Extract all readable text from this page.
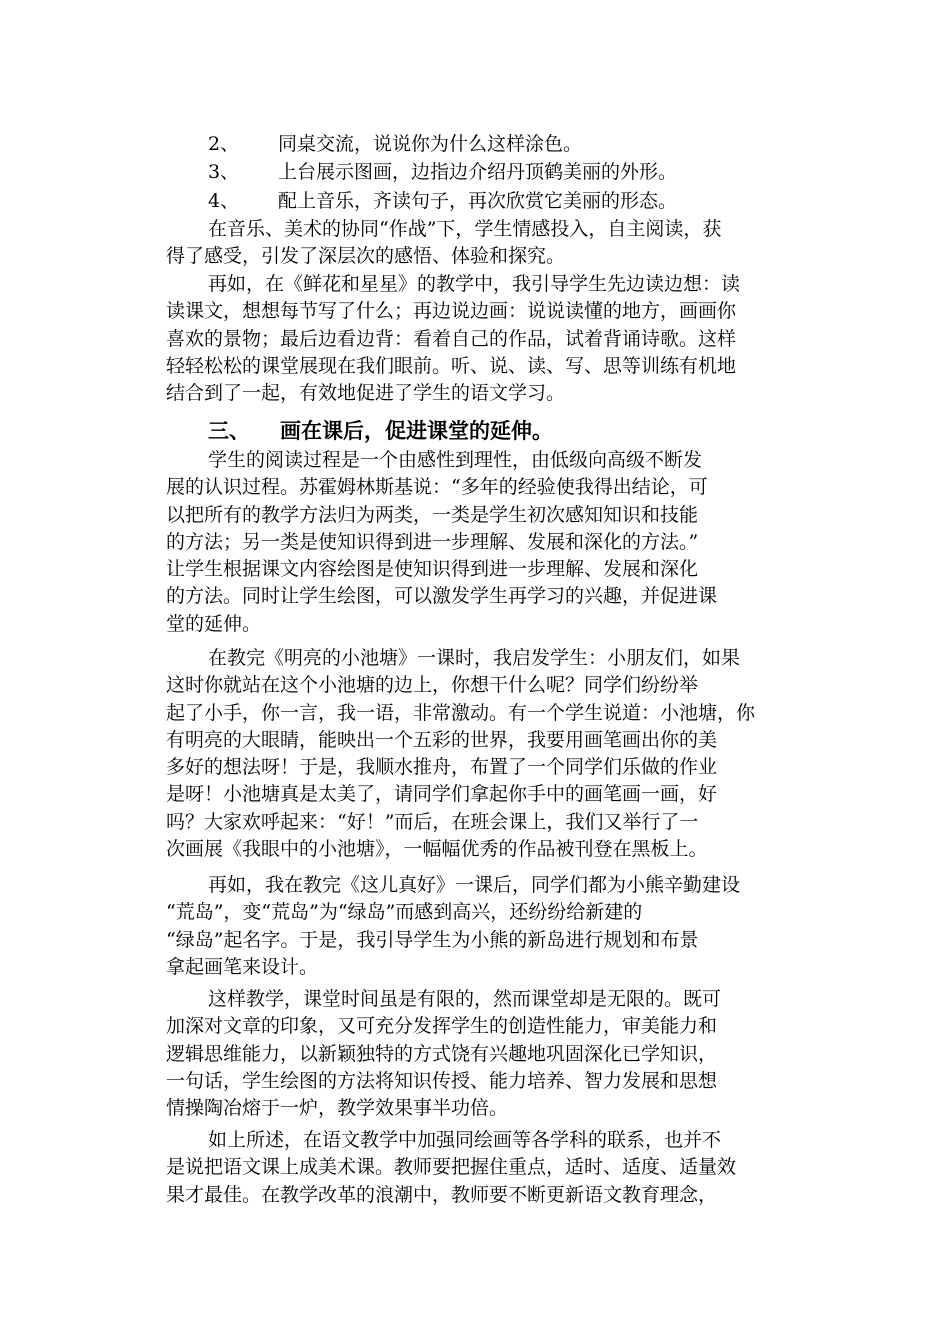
2、 同桌交流，说说你为什么这样涂色。
3、 上台展示图画，边指边介绍丹顶鹤美丽的外形。
4、 配上音乐，齐读句子，再次欣赏它美丽的形态。
在音乐、美术的协同“作战”下，学生情感投入，自主阅读，获
得了感受，引发了深层次的感悟、体验和探究。
再如，在《鲜花和星星》的教学中，我引导学生先边读边想：读
读课文，想想每节写了什么；再边说边画：说说读懂的地方，画画你
喜欢的景物；最后边看边背：看着自己的作品，试着背诵诗歌。这样
轻轻松松的课堂展现在我们眼前。听、说、读、写、思等训练有机地
结合到了一起，有效地促进了学生的语文学习。
三、 画在课后，促进课堂的延伸。
学生的阅读过程是一个由感性到理性，由低级向高级不断发
展的认识过程。苏霍姆林斯基说：“多年的经验使我得出结论，可
以把所有的教学方法归为两类，一类是学生初次感知知识和技能
的方法；另一类是使知识得到进一步理解、发展和深化的方法。”
让学生根据课文内容绘图是使知识得到进一步理解、发展和深化
的方法。同时让学生绘图，可以激发学生再学习的兴趣，并促进课
堂的延伸。
在教完《明亮的小池塘》一课时，我启发学生：小朋友们，如果
这时你就站在这个小池塘的边上，你想干什么呢？同学们纷纷举
起了小手，你一言，我一语，非常激动。有一个学生说道：小池塘，你
有明亮的大眼睛，能映出一个五彩的世界，我要用画笔画出你的美
多好的想法呀！于是，我顺水推舟，布置了一个同学们乐做的作业
是呀！小池塘真是太美了，请同学们拿起你手中的画笔画一画，好
吗？大家欢呼起来：“好！”而后，在班会课上，我们又举行了一
次画展《我眼中的小池塘》，一幅幅优秀的作品被刊登在黑板上。
再如，我在教完《这儿真好》一课后，同学们都为小熊辛勤建设
“荒岛”，变“荒岛”为“绿岛”而感到高兴，还纷纷给新建的
“绿岛”起名字。于是，我引导学生为小熊的新岛进行规划和布景
拿起画笔来设计。
这样教学，课堂时间虽是有限的，然而课堂却是无限的。既可
加深对文章的印象，又可充分发挥学生的创造性能力，审美能力和
逻辑思维能力，以新颖独特的方式饶有兴趣地巩固深化已学知识，
一句话，学生绘图的方法将知识传授、能力培养、智力发展和思想
情操陶冶熔于一炉，教学效果事半功倍。
如上所述，在语文教学中加强同绘画等各学科的联系，也并不
是说把语文课上成美术课。教师要把握住重点，适时、适度、适量效
果才最佳。在教学改革的浪潮中，教师要不断更新语文教育理念，
